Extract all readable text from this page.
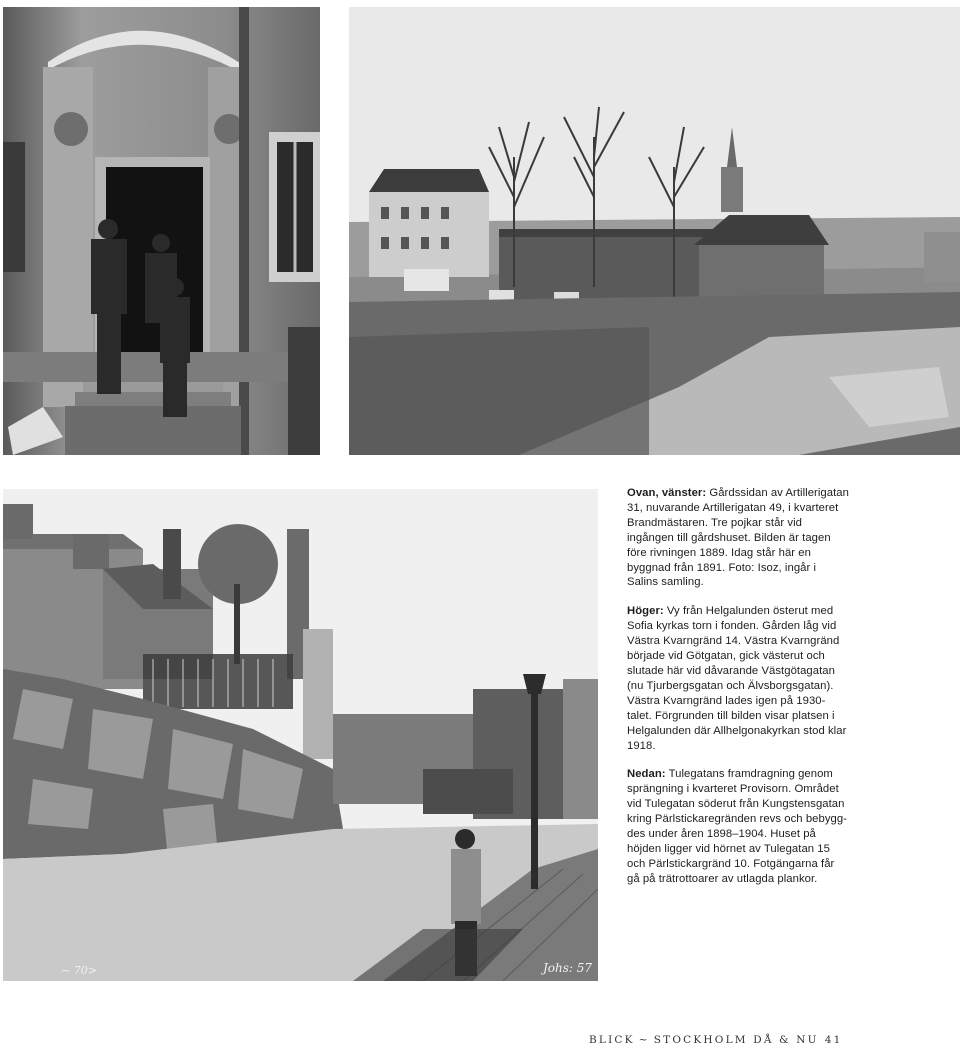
~ 70>	Johs: 57

Ovan, vänster: Gårdssidan av Artillerigatan 31, nuvarande Artillerigatan 49, i kvarteret Brandmästaren. Tre pojkar står vid ingången till gårdshuset. Bilden är tagen före rivningen 1889. Idag står här en byggnad från 1891. Foto: Isoz, ingår i Salins samling.

Höger: Vy från Helgalunden österut med Sofia kyrkas torn i fonden. Gården låg vid Västra Kvarngränd 14. Västra Kvarngränd började vid Götgatan, gick västerut och slutade här vid dåvarande Västgötagatan (nu Tjurbergsgatan och Älvsborgsgatan). Västra Kvarngränd lades igen på 1930-talet. Förgrunden till bilden visar platsen i Helgalunden där Allhelgonakyrkan stod klar 1918.

Nedan: Tulegatans framdragning genom sprängning i kvarteret Provisorn. Området vid Tulegatan söderut från Kungstensgatan kring Pärlstickaregränden revs och bebygg-des under åren 1898–1904. Huset på höjden ligger vid hörnet av Tulegatan 15 och Pärlstickargränd 10. Fotgängarna får gå på trätrottoarer av utlagda plankor.

BLICK ~ STOCKHOLM DÅ & NU 41
